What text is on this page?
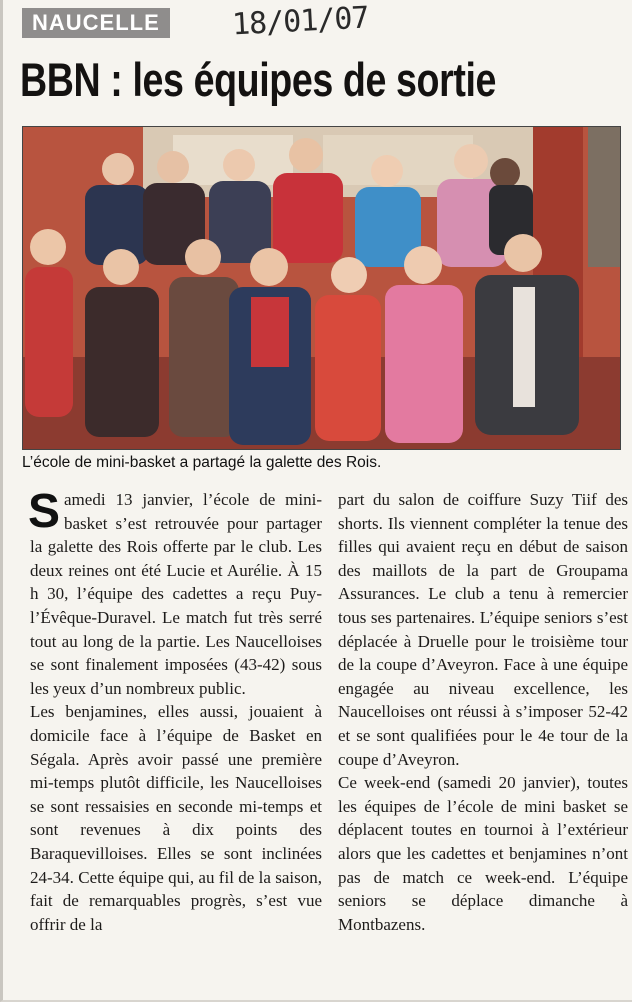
NAUCELLE	18/01/07
BBN : les équipes de sortie
L’école de mini-basket a partagé la galette des Rois.

Samedi 13 janvier, l’école de mini-basket s’est retrouvée pour partager la galette des Rois offerte par le club. Les deux reines ont été Lucie et Aurélie. À 15 h 30, l’équipe des cadettes a reçu Puy-l’Évêque-Duravel. Le match fut très serré tout au long de la partie. Les Naucelloises se sont finalement imposées (43-42) sous les yeux d’un nombreux public.

Les benjamines, elles aussi, jouaient à domicile face à l’équipe de Basket en Ségala. Après avoir passé une première mi-temps plutôt difficile, les Naucelloises se sont ressaisies en seconde mi-temps et sont revenues à dix points des Baraquevilloises. Elles se sont inclinées 24-34. Cette équipe qui, au fil de la saison, fait de remarquables progrès, s’est vue offrir de la

part du salon de coiffure Suzy Tiif des shorts. Ils viennent compléter la tenue des filles qui avaient reçu en début de saison des maillots de la part de Groupama Assurances. Le club a tenu à remercier tous ses partenaires. L’équipe seniors s’est déplacée à Druelle pour le troisième tour de la coupe d’Aveyron. Face à une équipe engagée au niveau excellence, les Naucelloises ont réussi à s’imposer 52-42 et se sont qualifiées pour le 4e tour de la coupe d’Aveyron.

Ce week-end (samedi 20 janvier), toutes les équipes de l’école de mini basket se déplacent toutes en tournoi à l’extérieur alors que les cadettes et benjamines n’ont pas de match ce week-end. L’équipe seniors se déplace dimanche à Montbazens.
